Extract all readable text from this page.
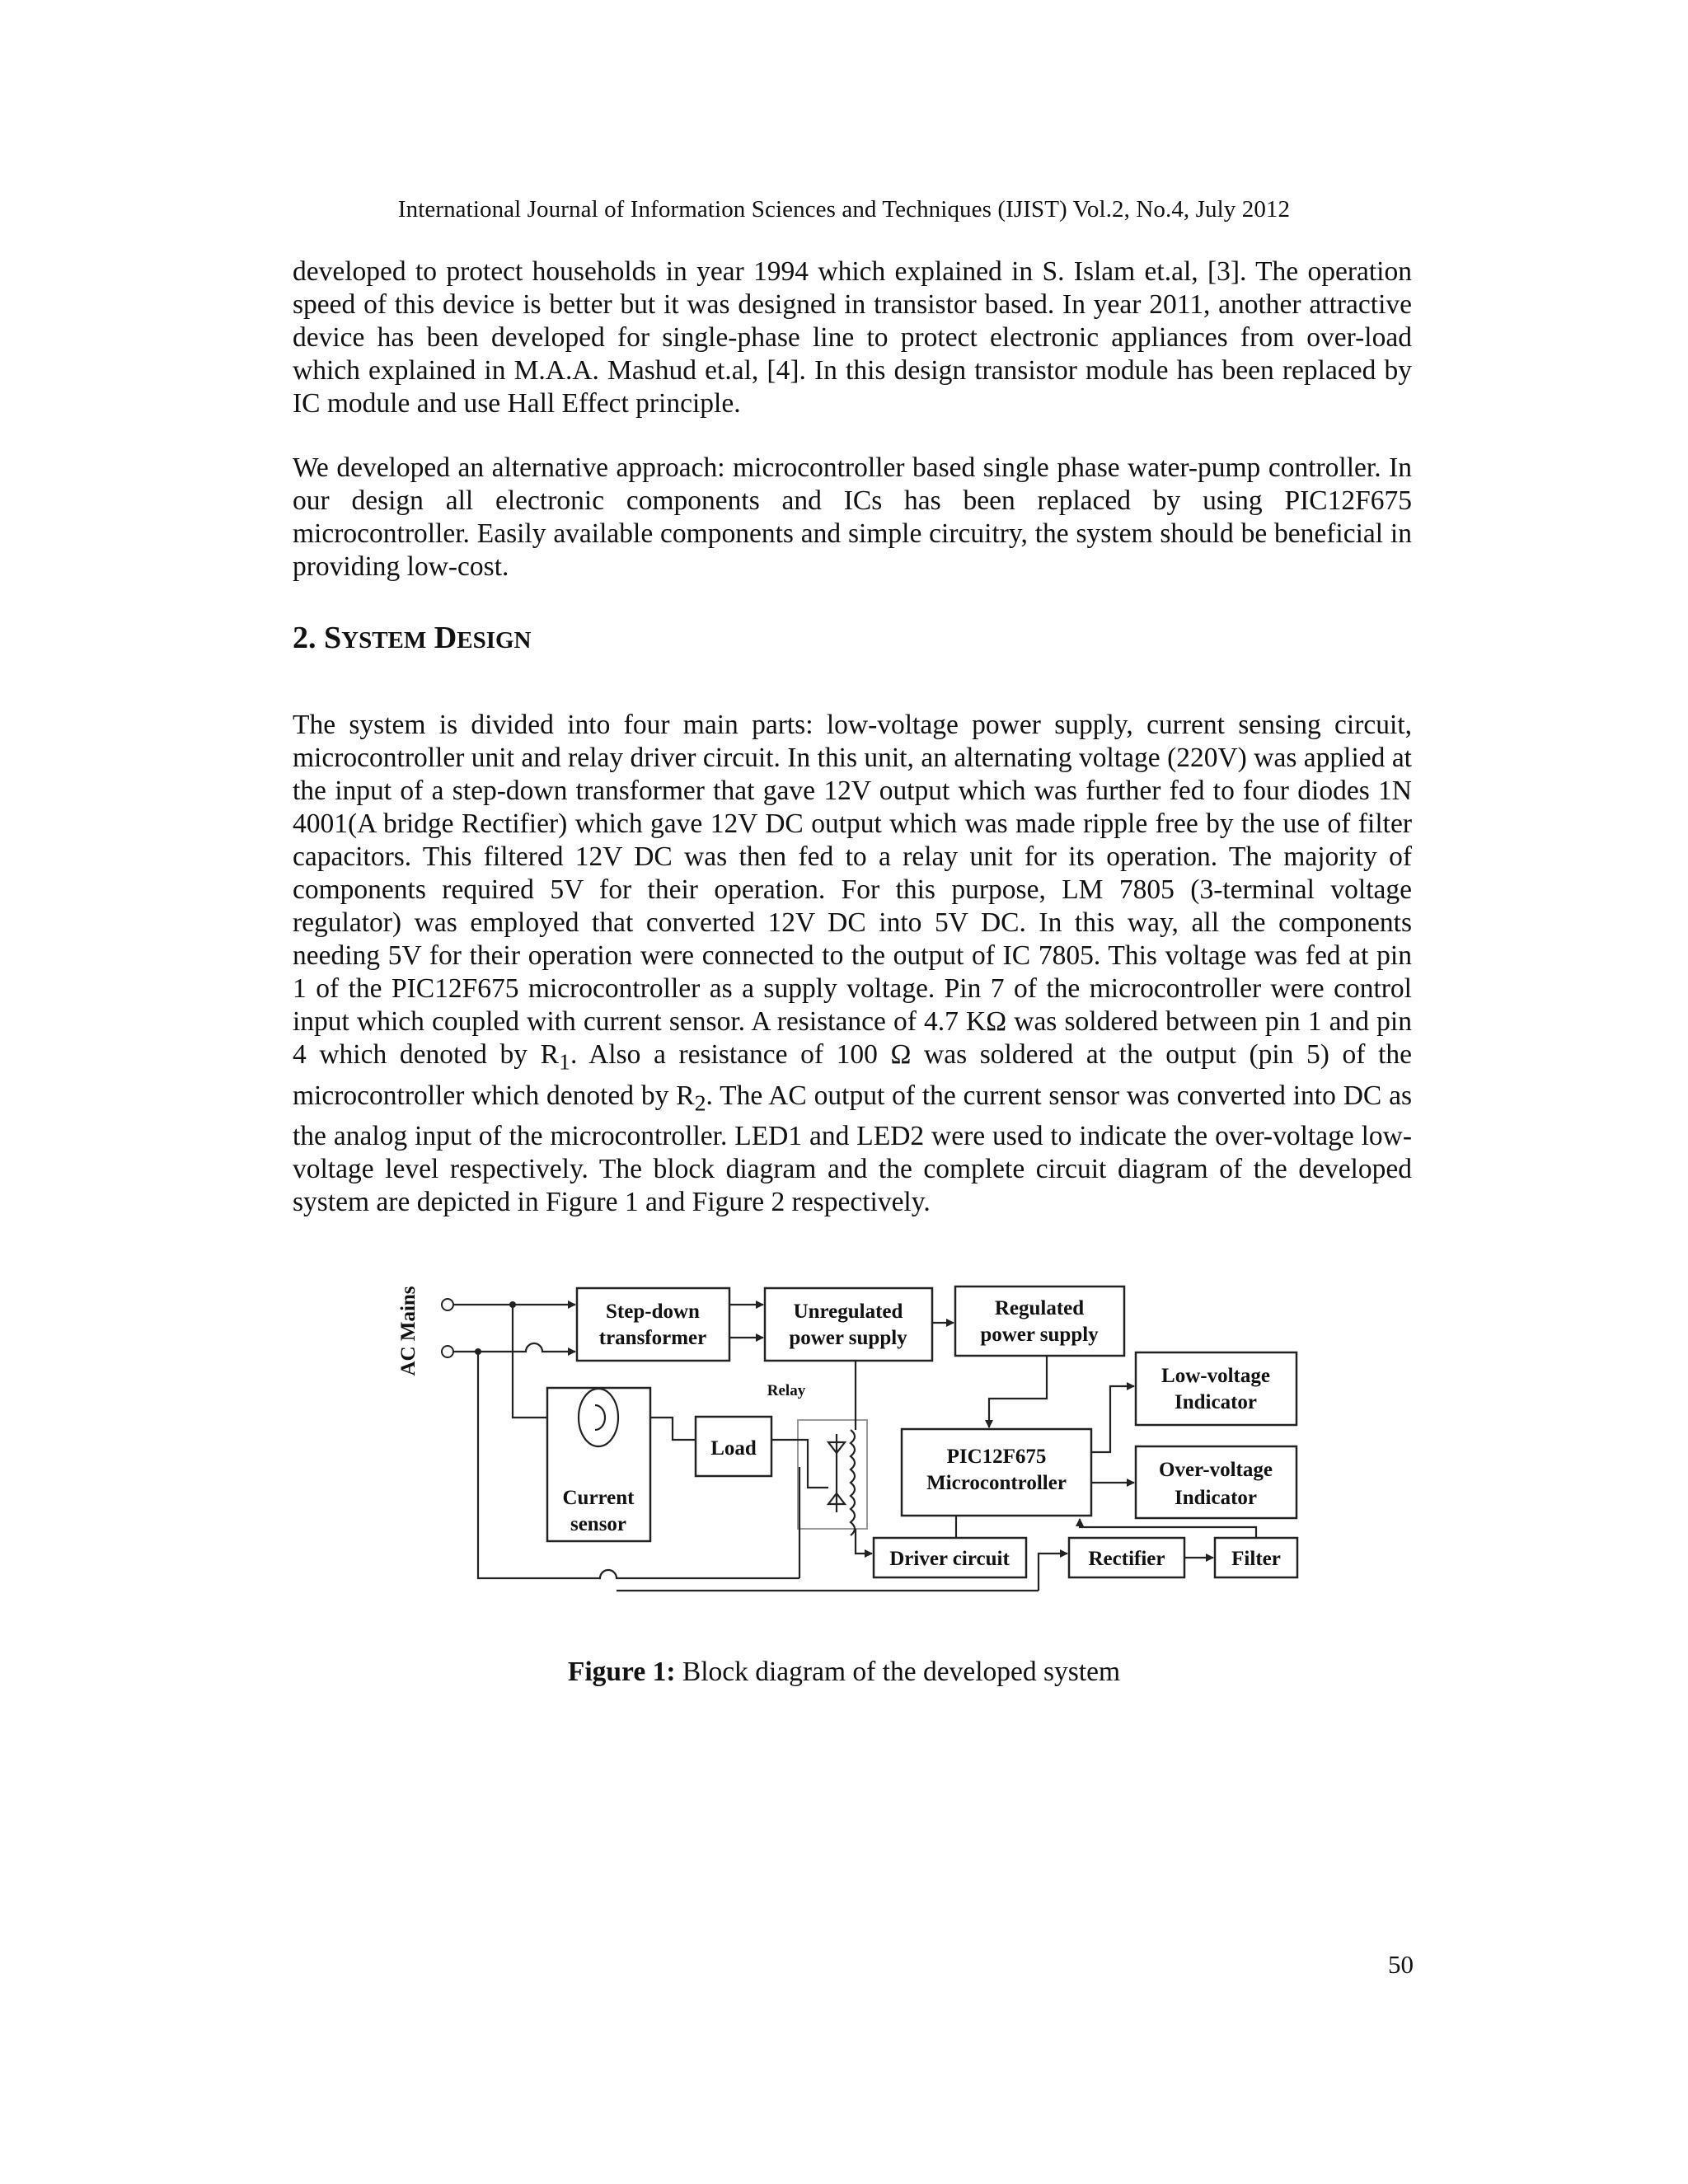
International Journal of Information Sciences and Techniques (IJIST) Vol.2, No.4, July 2012
developed to protect households in year 1994 which explained in S. Islam et.al, [3]. The operation speed of this device is better but it was designed in transistor based. In year 2011, another attractive device has been developed for single-phase line to protect electronic appliances from over-load which explained in M.A.A. Mashud et.al, [4]. In this design transistor module has been replaced by IC module and use Hall Effect principle.
We developed an alternative approach: microcontroller based single phase water-pump controller. In our design all electronic components and ICs has been replaced by using PIC12F675 microcontroller. Easily available components and simple circuitry, the system should be beneficial in providing low-cost.
2. SYSTEM DESIGN
The system is divided into four main parts: low-voltage power supply, current sensing circuit, microcontroller unit and relay driver circuit. In this unit, an alternating voltage (220V) was applied at the input of a step-down transformer that gave 12V output which was further fed to four diodes 1N 4001(A bridge Rectifier) which gave 12V DC output which was made ripple free by the use of filter capacitors. This filtered 12V DC was then fed to a relay unit for its operation. The majority of components required 5V for their operation. For this purpose, LM 7805 (3-terminal voltage regulator) was employed that converted 12V DC into 5V DC. In this way, all the components needing 5V for their operation were connected to the output of IC 7805. This voltage was fed at pin 1 of the PIC12F675 microcontroller as a supply voltage. Pin 7 of the microcontroller were control input which coupled with current sensor. A resistance of 4.7 KΩ was soldered between pin 1 and pin 4 which denoted by $R_1$. Also a resistance of 100 Ω was soldered at the output (pin 5) of the microcontroller which denoted by $R_2$. The AC output of the current sensor was converted into DC as the analog input of the microcontroller. LED1 and LED2 were used to indicate the over-voltage low-voltage level respectively. The block diagram and the complete circuit diagram of the developed system are depicted in Figure 1 and Figure 2 respectively.
AC Mains	Step-down
transformer
Unregulated
power supply
Regulated
power supply
Low-voltage
Indicator
PIC12F675
Microcontroller
Over-voltage
Indicator
Current
sensor
Load
Relay
Driver circuit	Rectifier	Filter
Figure 1: Block diagram of the developed system
50
